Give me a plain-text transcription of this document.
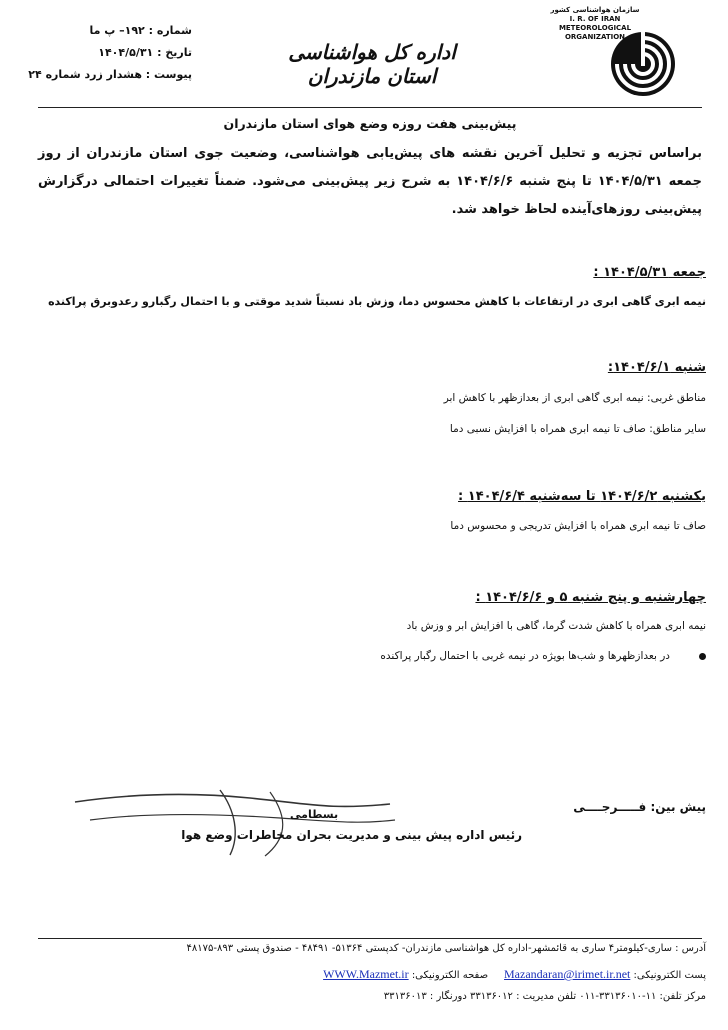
سازمان هواشناسی کشور
I. R. OF IRAN
METEOROLOGICAL
ORGANIZATION
اداره کل هواشناسی استان مازندران
شماره : ۱۹۲– پ ما
تاریخ : ۱۴۰۴/۵/۳۱
پیوست : هشدار زرد شماره ۲۴
پیش‌بینی هفت روزه وضع هوای استان مازندران
براساس تجزیه و تحلیل آخرین نقشه های پیش‌یابی هواشناسی، وضعیت جوی استان مازندران از روز جمعه ۱۴۰۴/۵/۳۱ تا پنج شنبه ۱۴۰۴/۶/۶ به شرح زیر پیش‌بینی می‌شود. ضمناً تغییرات احتمالی درگزارش پیش‌بینی روزهای‌آینده لحاظ خواهد شد.
جمعه ۱۴۰۴/۵/۳۱ :
نیمه ابری گاهی ابری در ارتفاعات با کاهش محسوس دما، وزش باد نسبتاً شدید موقتی و با احتمال رگبارو رعدوبرق پراکنده
شنبه ۱۴۰۴/۶/۱:
مناطق غربی: نیمه ابری گاهی ابری از بعدازظهر با کاهش ابر
سایر مناطق: صاف تا نیمه ابری همراه با افزایش نسبی دما
یکشنبه ۱۴۰۴/۶/۲ تا سه‌شنبه ۱۴۰۴/۶/۴ :
صاف تا نیمه ابری همراه با افزایش تدریجی و محسوس دما
چهارشنبه و پنج شنبه ۵ و ۱۴۰۴/۶/۶ :
نیمه ابری همراه با کاهش شدت گرما، گاهی با افزایش ابر و وزش باد
در بعدازظهرها و شب‌ها بویژه در نیمه غربی با احتمال رگبار پراکنده
بسطامی
رئیس اداره پیش بینی و مدیریت بحران مخاطرات وضع هوا
پیش بین: فـــــرجــــی
آدرس : ساری-کیلومتر۴ ساری به قائمشهر-اداره کل هواشناسی مازندران- کدپستی ۵۱۳۶۴- ۴۸۴۹۱ - صندوق پستی ۸۹۳-۴۸۱۷۵
پست الکترونیکی: Mazandaran@irimet.ir.net     صفحه الکترونیکی: WWW.Mazmet.ir
مرکز تلفن: ۱۱-۳۳۱۳۶۰۱۰-۰۱۱ تلفن مدیریت : ۳۳۱۳۶۰۱۲ دورنگار : ۳۳۱۳۶۰۱۳
